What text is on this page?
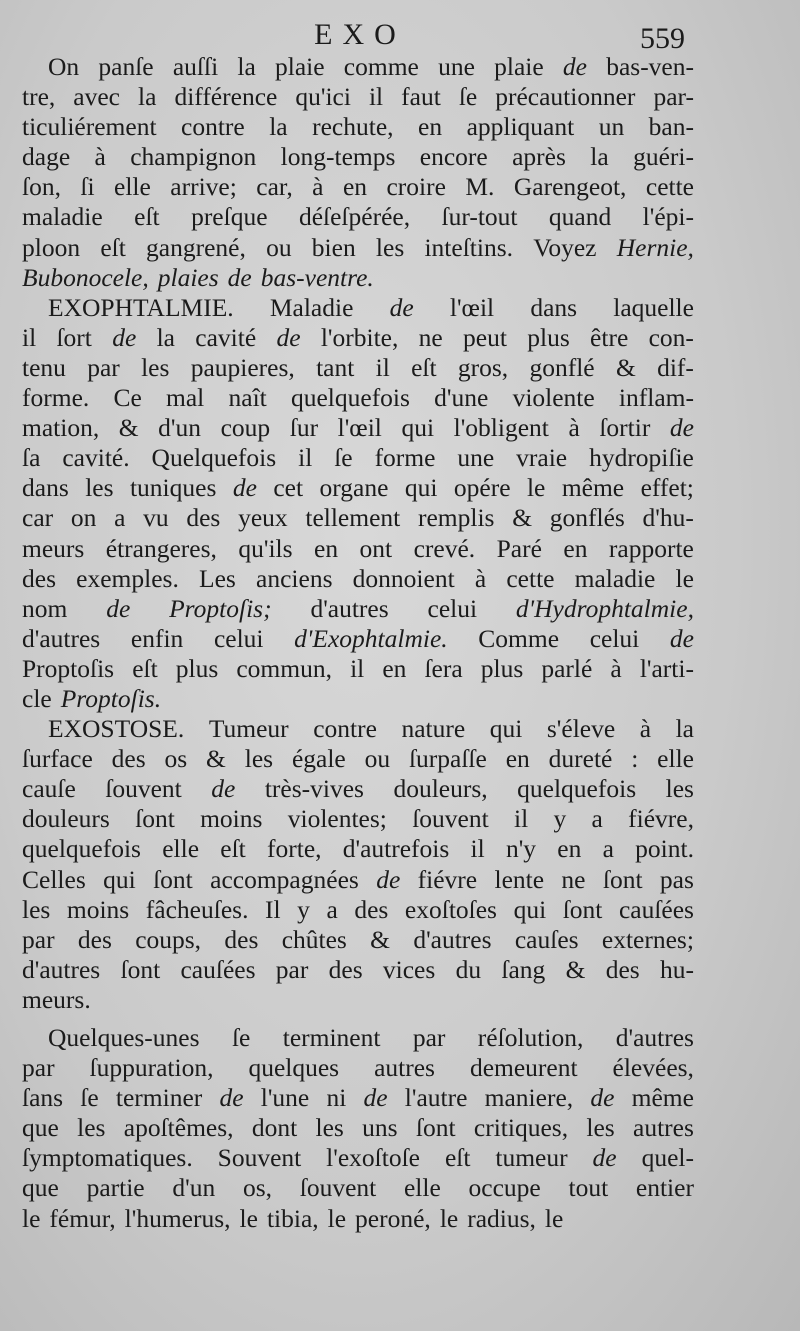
EXO	559
On panſe auſſi la plaie comme une plaie de bas-ven-
tre, avec la différence qu'ici il faut ſe précautionner par-
ticuliérement contre la rechute, en appliquant un ban-
dage à champignon long-temps encore après la guéri-
ſon, ſi elle arrive; car, à en croire M. Garengeot, cette
maladie eſt preſque déſeſpérée, ſur-tout quand l'épi-
ploon eſt gangrené, ou bien les inteſtins. Voyez Hernie,
Bubonocele, plaies de bas-ventre.
EXOPHTALMIE. Maladie de l'œil dans laquelle
il ſort de la cavité de l'orbite, ne peut plus être con-
tenu par les paupieres, tant il eſt gros, gonflé & dif-
forme. Ce mal naît quelquefois d'une violente inflam-
mation, & d'un coup ſur l'œil qui l'obligent à ſortir de
ſa cavité. Quelquefois il ſe forme une vraie hydropiſie
dans les tuniques de cet organe qui opére le même effet;
car on a vu des yeux tellement remplis & gonflés d'hu-
meurs étrangeres, qu'ils en ont crevé. Paré en rapporte
des exemples. Les anciens donnoient à cette maladie le
nom de Proptoſis; d'autres celui d'Hydrophtalmie,
d'autres enfin celui d'Exophtalmie. Comme celui de
Proptoſis eſt plus commun, il en ſera plus parlé à l'arti-
cle Proptoſis.
EXOSTOSE. Tumeur contre nature qui s'éleve à la
ſurface des os & les égale ou ſurpaſſe en dureté : elle
cauſe ſouvent de très-vives douleurs, quelquefois les
douleurs ſont moins violentes; ſouvent il y a fiévre,
quelquefois elle eſt forte, d'autrefois il n'y en a point.
Celles qui ſont accompagnées de fiévre lente ne ſont pas
les moins fâcheuſes. Il y a des exoſtoſes qui ſont cauſées
par des coups, des chûtes & d'autres cauſes externes;
d'autres ſont cauſées par des vices du ſang & des hu-
meurs.
Quelques-unes ſe terminent par réſolution, d'autres
par ſuppuration, quelques autres demeurent élevées,
ſans ſe terminer de l'une ni de l'autre maniere, de même
que les apoſtêmes, dont les uns ſont critiques, les autres
ſymptomatiques. Souvent l'exoſtoſe eſt tumeur de quel-
que partie d'un os, ſouvent elle occupe tout entier
le fémur, l'humerus, le tibia, le peroné, le radius, le
